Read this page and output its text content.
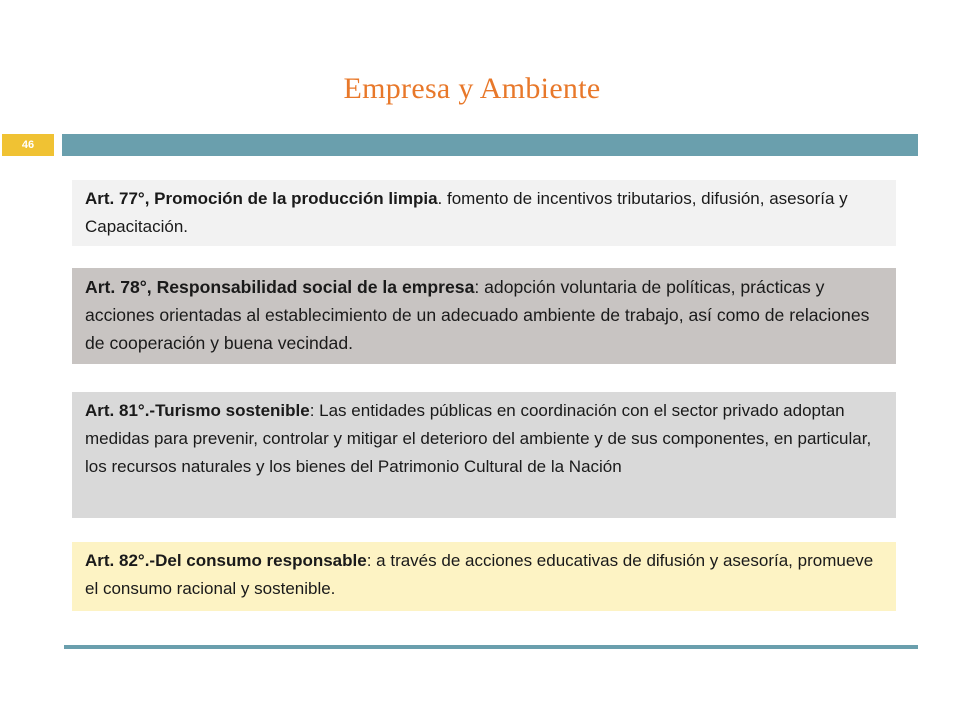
Empresa y Ambiente
46
Art. 77°, Promoción de la producción limpia. fomento de incentivos tributarios, difusión, asesoría y Capacitación.
Art. 78°, Responsabilidad social de la empresa: adopción voluntaria de políticas, prácticas y acciones orientadas al establecimiento de un adecuado ambiente de trabajo, así como de relaciones de cooperación y buena vecindad.
Art. 81°.-Turismo sostenible: Las entidades públicas en coordinación con el sector privado adoptan medidas para prevenir, controlar y mitigar el deterioro del ambiente y de sus componentes, en particular, los recursos naturales y los bienes del Patrimonio Cultural de la Nación
Art. 82°.-Del consumo responsable: a través de acciones educativas de difusión y asesoría, promueve el consumo racional y sostenible.
